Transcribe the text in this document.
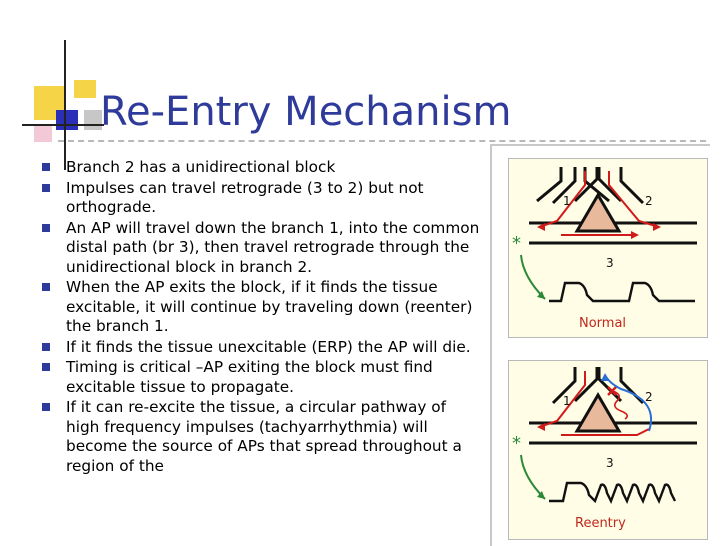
Re-Entry Mechanism
Branch 2 has a unidirectional block
Impulses can travel retrograde (3 to 2) but not orthograde.
An AP will travel down the branch 1, into the common distal path (br 3), then travel retrograde through the unidirectional block in branch 2.
When the AP exits the block, if it finds the tissue excitable, it will continue by traveling down (reenter) the branch 1.
If it finds the tissue unexcitable (ERP) the AP will die.
Timing is critical –AP exiting the block must find excitable tissue to propagate.
If it can re-excite the tissue, a circular pathway of high frequency impulses (tachyarrhythmia) will become the source of APs that spread throughout a region of the
1	2
3
*
Normal
1	2
3
*
Reentry
